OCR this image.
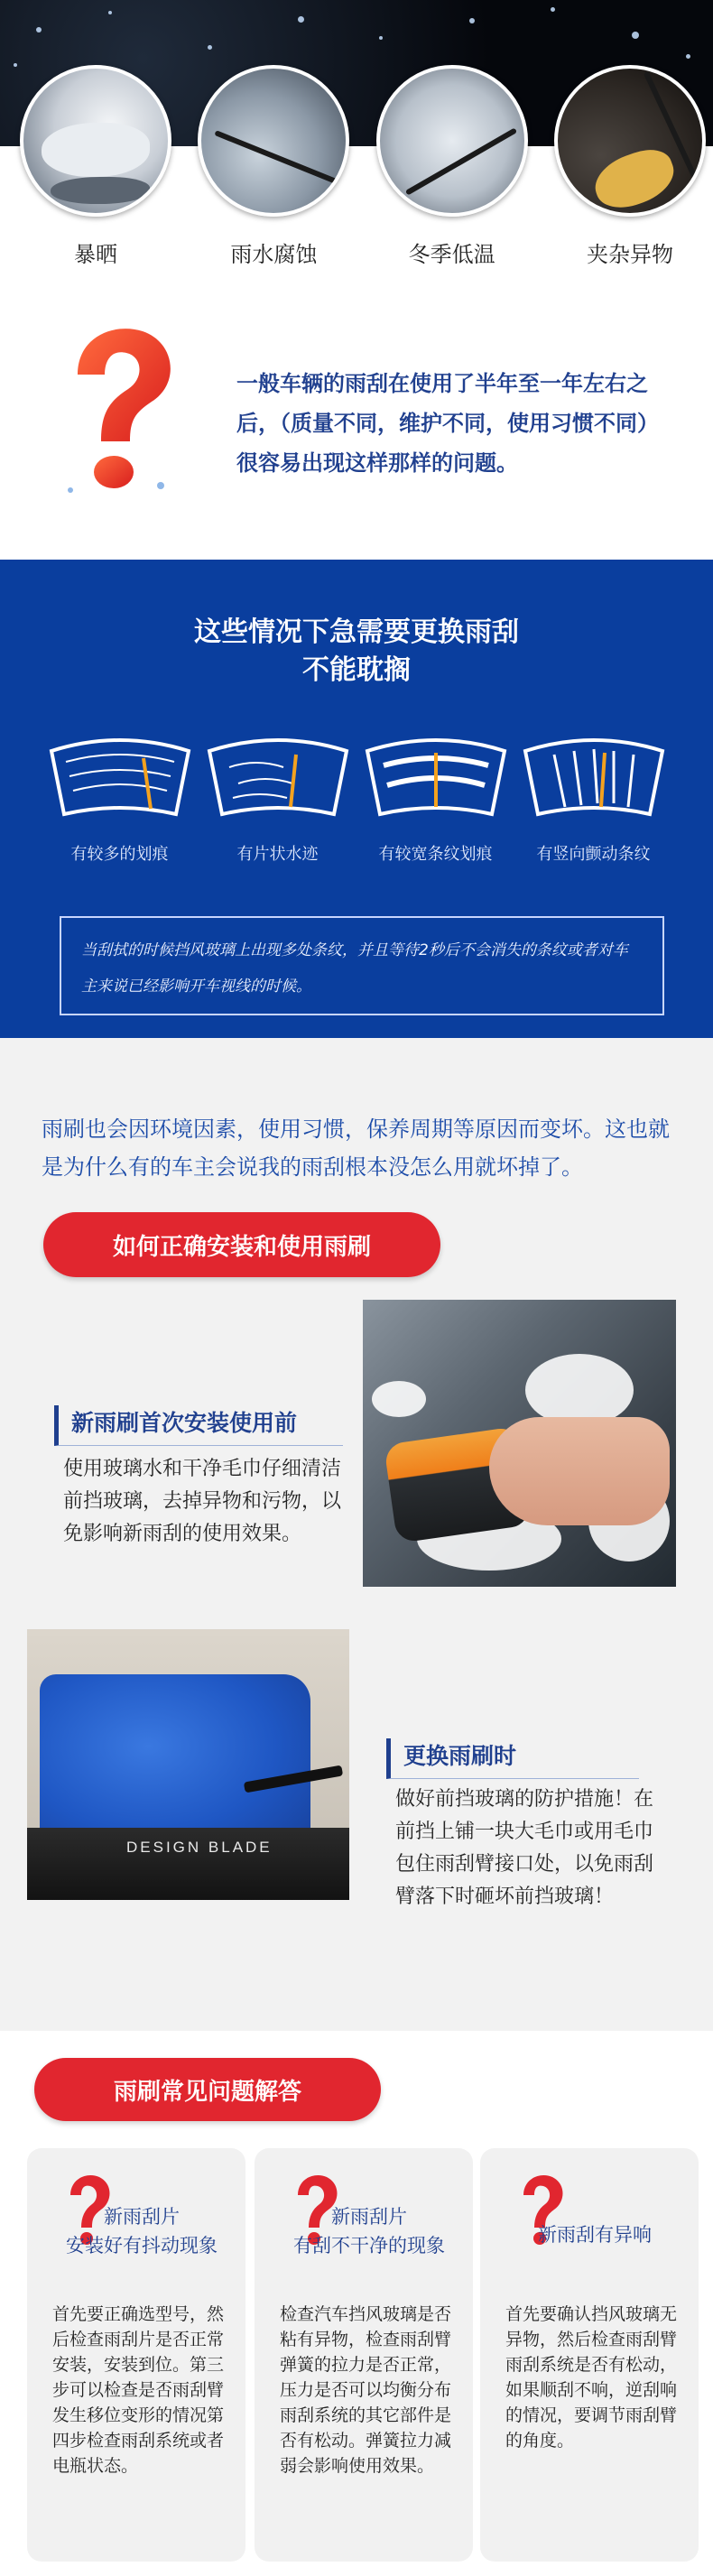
暴晒	雨水腐蚀	冬季低温	夹杂异物
一般车辆的雨刮在使用了半年至一年左右之后，（质量不同，维护不同，使用习惯不同）很容易出现这样那样的问题。
这些情况下急需要更换雨刮
不能耽搁
有较多的划痕	有片状水迹	有较宽条纹划痕	有竖向颤动条纹
当刮拭的时候挡风玻璃上出现多处条纹，并且等待2秒后不会消失的条纹或者对车主来说已经影响开车视线的时候。
雨刷也会因环境因素，使用习惯，保养周期等原因而变坏。这也就是为什么有的车主会说我的雨刮根本没怎么用就坏掉了。
如何正确安装和使用雨刷
新雨刷首次安装使用前
使用玻璃水和干净毛巾仔细清洁前挡玻璃，去掉异物和污物，以免影响新雨刮的使用效果。
DESIGN BLADE
更换雨刷时
做好前挡玻璃的防护措施！在前挡上铺一块大毛巾或用毛巾包住雨刮臂接口处，以免雨刮臂落下时砸坏前挡玻璃！
雨刷常见问题解答
新雨刮片
安装好有抖动现象
首先要正确选型号，然后检查雨刮片是否正常安装，安装到位。第三步可以检查是否雨刮臂发生移位变形的情况第四步检查雨刮系统或者电瓶状态。
新雨刮片
有刮不干净的现象
检查汽车挡风玻璃是否粘有异物，检查雨刮臂弹簧的拉力是否正常，压力是否可以均衡分布雨刮系统的其它部件是否有松动。弹簧拉力减弱会影响使用效果。
新雨刮有异响
首先要确认挡风玻璃无异物，然后检查雨刮臂雨刮系统是否有松动，如果顺刮不响，逆刮响的情况，要调节雨刮臂的角度。
